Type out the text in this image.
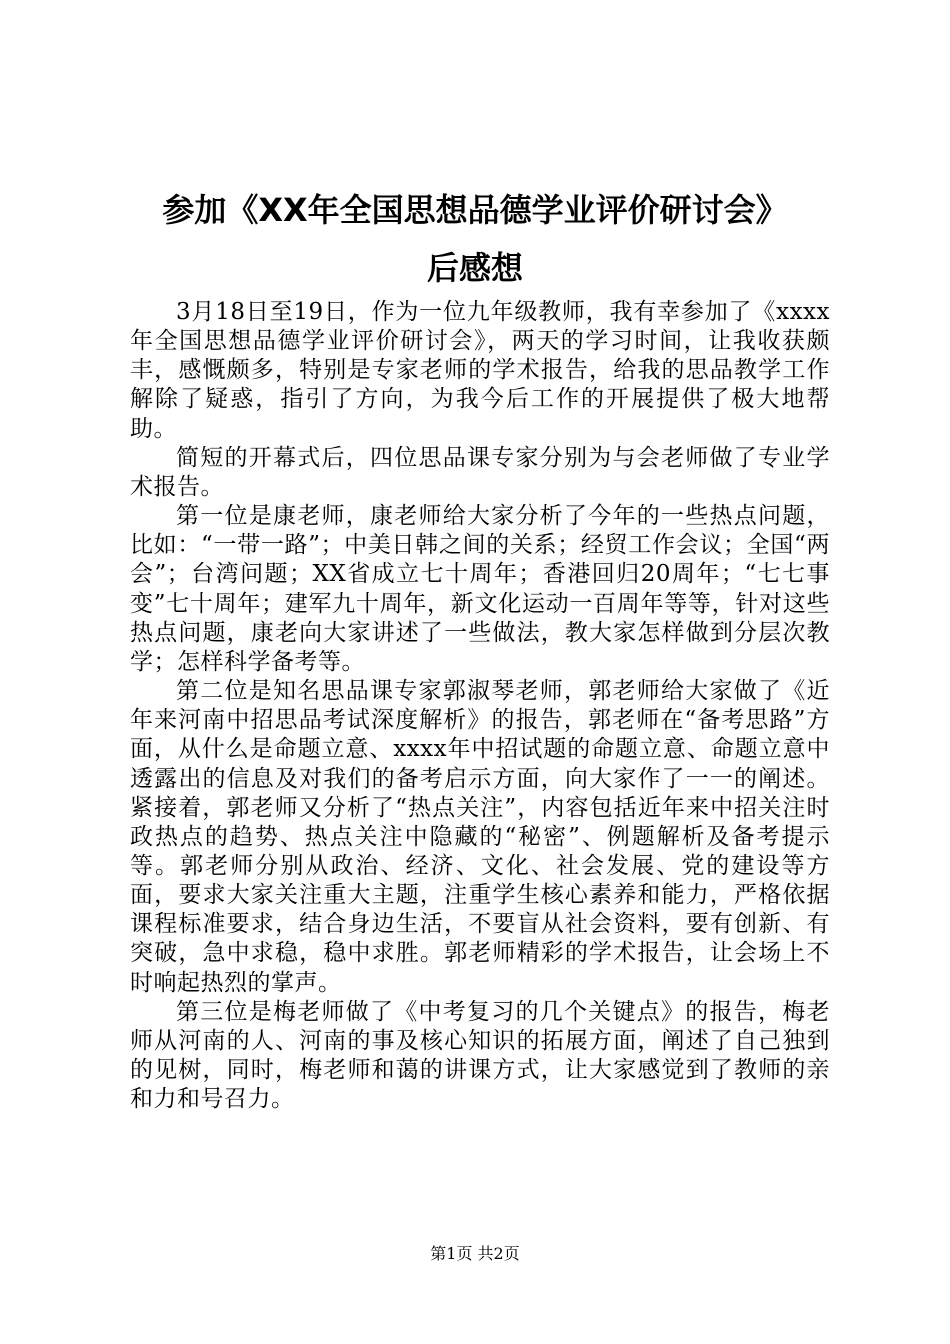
参加《XX年全国思想品德学业评价研讨会》
后感想

3月18日至19日，作为一位九年级教师，我有幸参加了《xxxx年全国思想品德学业评价研讨会》，两天的学习时间，让我收获颇丰，感慨颇多，特别是专家老师的学术报告，给我的思品教学工作解除了疑惑，指引了方向，为我今后工作的开展提供了极大地帮助。

简短的开幕式后，四位思品课专家分别为与会老师做了专业学术报告。

第一位是康老师，康老师给大家分析了今年的一些热点问题，比如：“一带一路”；中美日韩之间的关系；经贸工作会议；全国“两会”；台湾问题；XX省成立七十周年；香港回归20周年；“七七事变”七十周年；建军九十周年，新文化运动一百周年等等，针对这些热点问题，康老向大家讲述了一些做法，教大家怎样做到分层次教学；怎样科学备考等。

第二位是知名思品课专家郭淑琴老师，郭老师给大家做了《近年来河南中招思品考试深度解析》的报告，郭老师在“备考思路”方面，从什么是命题立意、xxxx年中招试题的命题立意、命题立意中透露出的信息及对我们的备考启示方面，向大家作了一一的阐述。紧接着，郭老师又分析了“热点关注”，内容包括近年来中招关注时政热点的趋势、热点关注中隐藏的“秘密”、例题解析及备考提示等。郭老师分别从政治、经济、文化、社会发展、党的建设等方面，要求大家关注重大主题，注重学生核心素养和能力，严格依据课程标准要求，结合身边生活，不要盲从社会资料，要有创新、有突破，急中求稳，稳中求胜。郭老师精彩的学术报告，让会场上不时响起热烈的掌声。

第三位是梅老师做了《中考复习的几个关键点》的报告，梅老师从河南的人、河南的事及核心知识的拓展方面，阐述了自己独到的见树，同时，梅老师和蔼的讲课方式，让大家感觉到了教师的亲和力和号召力。

第1页 共2页
